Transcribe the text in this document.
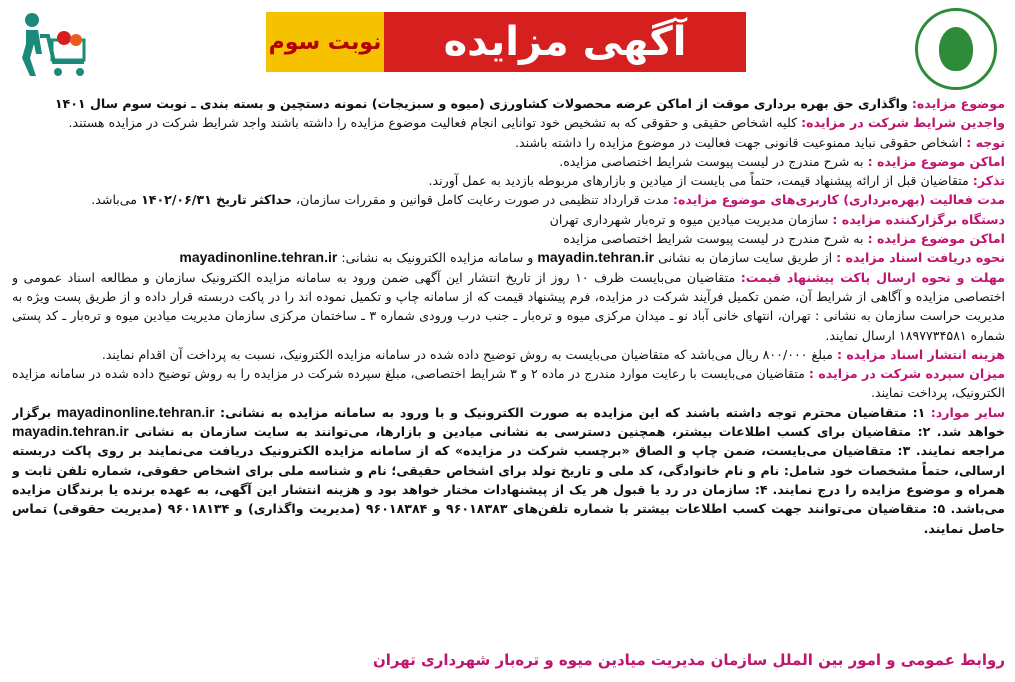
نوبت سوم	آگهی مزایده

موضوع مزایده: واگذاری حق بهره برداری موقت از اماکن عرضه محصولات کشاورزی (میوه و سبزیجات) نمونه دستچین و بسته بندی ـ نوبت سوم سال ۱۴۰۱

واجدین شرایط شرکت در مزایده: کلیه اشخاص حقیقی و حقوقی که به تشخیص خود توانایی انجام فعالیت موضوع مزایده را داشته باشند واجد شرایط شرکت در مزایده هستند.

توجه : اشخاص حقوقی نباید ممنوعیت قانونی جهت فعالیت در موضوع مزایده را داشته باشند.

اماکن موضوع مزایده : به شرح مندرج در لیست پیوست شرایط اختصاصی مزایده.

تذکر: متقاضیان قبل از ارائه پیشنهاد قیمت، حتماً می بایست از میادین و بازارهای مربوطه بازدید به عمل آورند.

مدت فعالیت (بهره‌برداری) کاربری‌های موضوع مزایده: مدت قرارداد تنظیمی در صورت رعایت کامل قوانین و مقررات سازمان، حداکثر تاریخ ۱۴۰۲/۰۶/۳۱ می‌باشد.

دستگاه برگزارکننده مزایده : سازمان مدیریت میادین میوه و تره‌بار شهرداری تهران

اماکن موضوع مزایده : به شرح مندرج در لیست پیوست شرایط اختصاصی مزایده

نحوه دریافت اسناد مزایده : از طریق سایت سازمان به نشانی mayadin.tehran.ir و سامانه مزایده الکترونیک به نشانی: mayadinonline.tehran.ir

مهلت و نحوه ارسال پاکت پیشنهاد قیمت: متقاضیان می‌بایست ظرف ۱۰ روز از تاریخ انتشار این آگهی ضمن ورود به سامانه مزایده الکترونیک سازمان و مطالعه اسناد عمومی و اختصاصی مزایده و آگاهی از شرایط آن، ضمن تکمیل فرآیند شرکت در مزایده، فرم پیشنهاد قیمت که از سامانه چاپ و تکمیل نموده اند را در پاکت دربسته قرار داده و از طریق پست ویژه به مدیریت حراست سازمان به نشانی : تهران، انتهای خانی آباد نو ـ میدان مرکزی میوه و تره‌بار ـ جنب درب ورودی شماره ۳ ـ ساختمان مرکزی سازمان مدیریت میادین میوه و تره‌بار ـ کد پستی شماره ۱۸۹۷۷۳۴۵۸۱ ارسال نمایند.

هزینه انتشار اسناد مزایده : مبلغ ۸۰۰/۰۰۰ ریال می‌باشد که متقاضیان می‌بایست به روش توضیح داده شده در سامانه مزایده الکترونیک، نسبت به پرداخت آن اقدام نمایند.

میزان سپرده شرکت در مزایده : متقاضیان می‌بایست با رعایت موارد مندرج در ماده ۲ و ۳ شرایط اختصاصی، مبلغ سپرده شرکت در مزایده را به روش توضیح داده شده در سامانه مزایده الکترونیک، پرداخت نمایند.

سایر موارد: ۱: متقاضیان محترم توجه داشته باشند که این مزایده به صورت الکترونیک و با ورود به سامانه مزایده به نشانی: mayadinonline.tehran.ir برگزار خواهد شد. ۲: متقاضیان برای کسب اطلاعات بیشتر، همچنین دسترسی به نشانی میادین و بازارها، می‌توانند به سایت سازمان به نشانی mayadin.tehran.ir مراجعه نمایند. ۳: متقاضیان می‌بایست، ضمن چاپ و الصاق «برچسب شرکت در مزایده» که از سامانه مزایده الکترونیک دریافت می‌نمایند بر روی پاکت دربسته ارسالی، حتماً مشخصات خود شامل: نام و نام خانوادگی، کد ملی و تاریخ تولد برای اشخاص حقیقی؛ نام و شناسه ملی برای اشخاص حقوقی، شماره تلفن ثابت و همراه و موضوع مزایده را درج نمایند. ۴: سازمان در رد یا قبول هر یک از پیشنهادات مختار خواهد بود و هزینه انتشار این آگهی، به عهده برنده یا برندگان مزایده می‌باشد. ۵: متقاضیان می‌توانند جهت کسب اطلاعات بیشتر با شماره تلفن‌های ۹۶۰۱۸۳۸۳ و ۹۶۰۱۸۳۸۴ (مدیریت واگذاری) و ۹۶۰۱۸۱۳۴ (مدیریت حقوقی) تماس حاصل نمایند.

روابط عمومی و امور بین الملل سازمان مدیریت میادین میوه و تره‌بار شهرداری تهران
